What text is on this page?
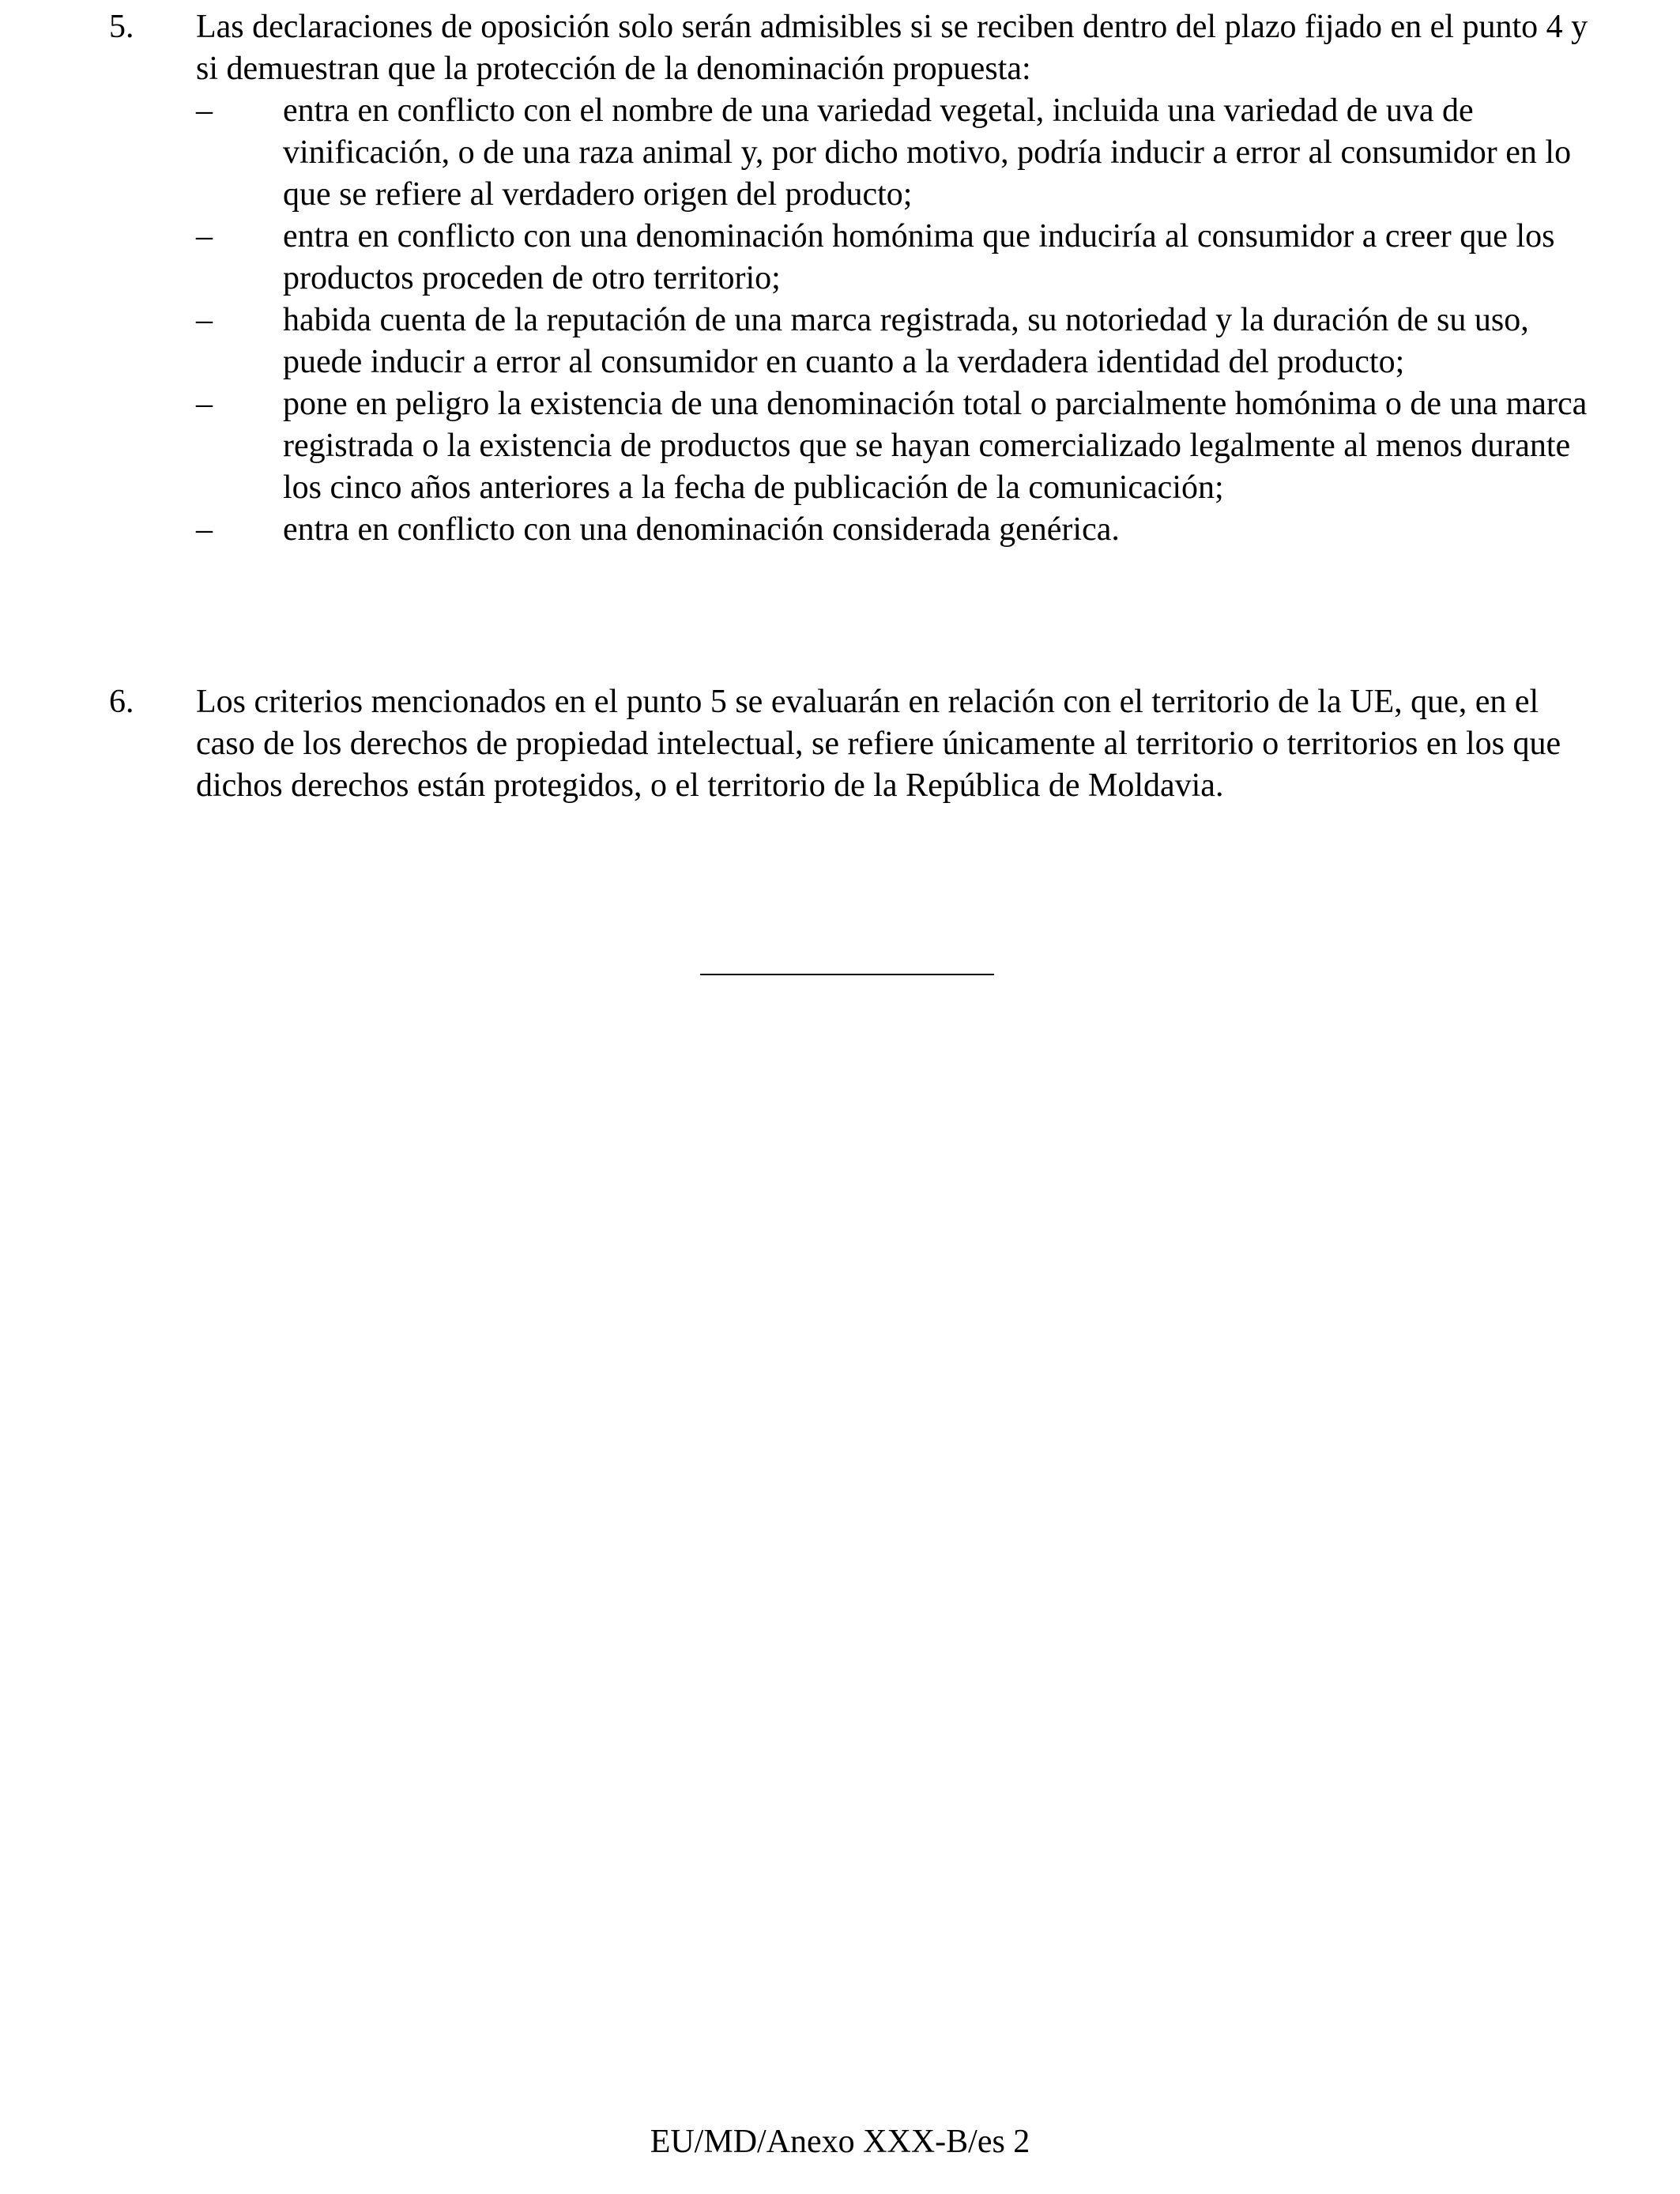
5.	Las declaraciones de oposición solo serán admisibles si se reciben dentro del plazo fijado en el punto 4 y si demuestran que la protección de la denominación propuesta:
–	entra en conflicto con el nombre de una variedad vegetal, incluida una variedad de uva de vinificación, o de una raza animal y, por dicho motivo, podría inducir a error al consumidor en lo que se refiere al verdadero origen del producto;
–	entra en conflicto con una denominación homónima que induciría al consumidor a creer que los productos proceden de otro territorio;
–	habida cuenta de la reputación de una marca registrada, su notoriedad y la duración de su uso, puede inducir a error al consumidor en cuanto a la verdadera identidad del producto;
–	pone en peligro la existencia de una denominación total o parcialmente homónima o de una marca registrada o la existencia de productos que se hayan comercializado legalmente al menos durante los cinco años anteriores a la fecha de publicación de la comunicación;
–	entra en conflicto con una denominación considerada genérica.
6.	Los criterios mencionados en el punto 5 se evaluarán en relación con el territorio de la UE, que, en el caso de los derechos de propiedad intelectual, se refiere únicamente al territorio o territorios en los que dichos derechos están protegidos, o el territorio de la República de Moldavia.
EU/MD/Anexo XXX-B/es 2
